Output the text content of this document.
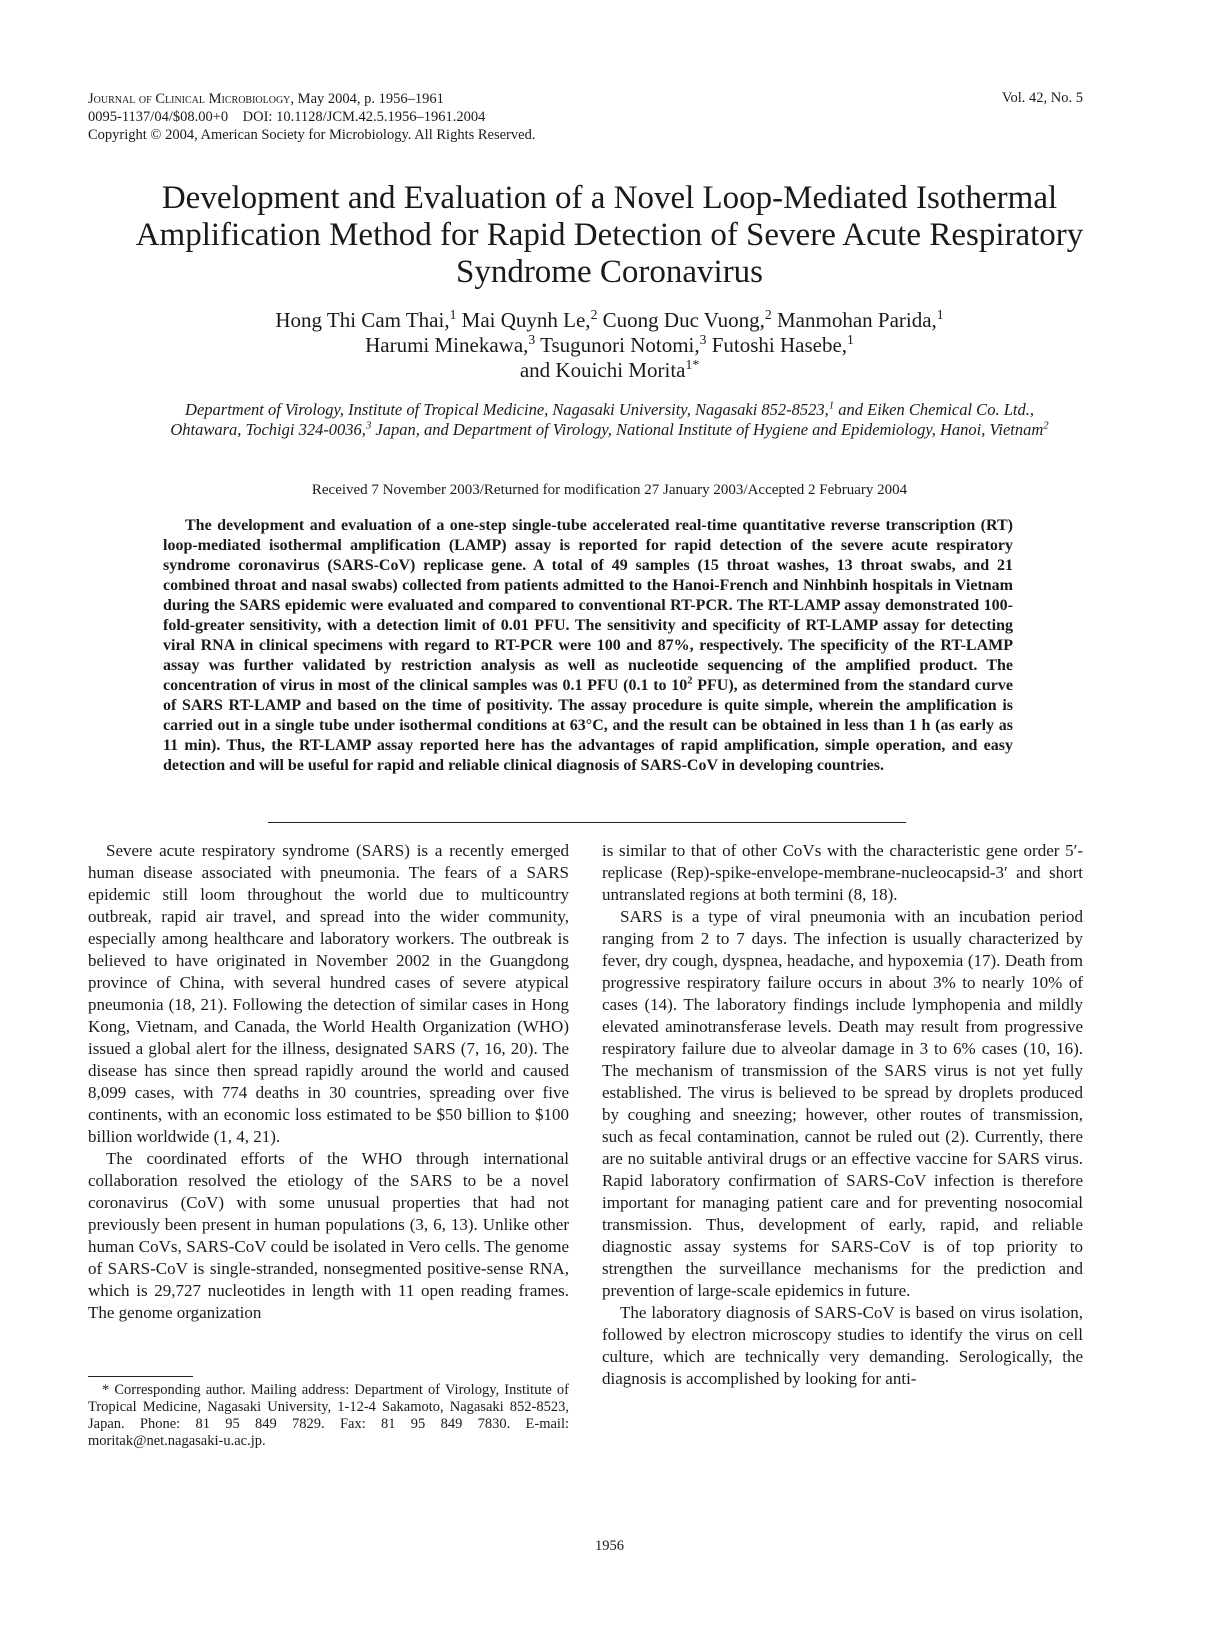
Journal of Clinical Microbiology, May 2004, p. 1956–1961
0095-1137/04/$08.00+0    DOI: 10.1128/JCM.42.5.1956–1961.2004
Copyright © 2004, American Society for Microbiology. All Rights Reserved.
Vol. 42, No. 5
Development and Evaluation of a Novel Loop-Mediated Isothermal Amplification Method for Rapid Detection of Severe Acute Respiratory Syndrome Coronavirus
Hong Thi Cam Thai,$^1$ Mai Quynh Le,$^2$ Cuong Duc Vuong,$^2$ Manmohan Parida,$^1$
Harumi Minekawa,$^3$ Tsugunori Notomi,$^3$ Futoshi Hasebe,$^1$
and Kouichi Morita$^{1*}$
Department of Virology, Institute of Tropical Medicine, Nagasaki University, Nagasaki 852-8523,$^1$ and Eiken Chemical Co. Ltd., Ohtawara, Tochigi 324-0036,$^3$ Japan, and Department of Virology, National Institute of Hygiene and Epidemiology, Hanoi, Vietnam$^2$
Received 7 November 2003/Returned for modification 27 January 2003/Accepted 2 February 2004
The development and evaluation of a one-step single-tube accelerated real-time quantitative reverse transcription (RT) loop-mediated isothermal amplification (LAMP) assay is reported for rapid detection of the severe acute respiratory syndrome coronavirus (SARS-CoV) replicase gene. A total of 49 samples (15 throat washes, 13 throat swabs, and 21 combined throat and nasal swabs) collected from patients admitted to the Hanoi-French and Ninhbinh hospitals in Vietnam during the SARS epidemic were evaluated and compared to conventional RT-PCR. The RT-LAMP assay demonstrated 100-fold-greater sensitivity, with a detection limit of 0.01 PFU. The sensitivity and specificity of RT-LAMP assay for detecting viral RNA in clinical specimens with regard to RT-PCR were 100 and 87%, respectively. The specificity of the RT-LAMP assay was further validated by restriction analysis as well as nucleotide sequencing of the amplified product. The concentration of virus in most of the clinical samples was 0.1 PFU (0.1 to $10^2$ PFU), as determined from the standard curve of SARS RT-LAMP and based on the time of positivity. The assay procedure is quite simple, wherein the amplification is carried out in a single tube under isothermal conditions at 63°C, and the result can be obtained in less than 1 h (as early as 11 min). Thus, the RT-LAMP assay reported here has the advantages of rapid amplification, simple operation, and easy detection and will be useful for rapid and reliable clinical diagnosis of SARS-CoV in developing countries.

Severe acute respiratory syndrome (SARS) is a recently emerged human disease associated with pneumonia. The fears of a SARS epidemic still loom throughout the world due to multicountry outbreak, rapid air travel, and spread into the wider community, especially among healthcare and laboratory workers. The outbreak is believed to have originated in November 2002 in the Guangdong province of China, with several hundred cases of severe atypical pneumonia (18, 21). Following the detection of similar cases in Hong Kong, Vietnam, and Canada, the World Health Organization (WHO) issued a global alert for the illness, designated SARS (7, 16, 20). The disease has since then spread rapidly around the world and caused 8,099 cases, with 774 deaths in 30 countries, spreading over five continents, with an economic loss estimated to be $50 billion to $100 billion worldwide (1, 4, 21).

The coordinated efforts of the WHO through international collaboration resolved the etiology of the SARS to be a novel coronavirus (CoV) with some unusual properties that had not previously been present in human populations (3, 6, 13). Unlike other human CoVs, SARS-CoV could be isolated in Vero cells. The genome of SARS-CoV is single-stranded, nonsegmented positive-sense RNA, which is 29,727 nucleotides in length with 11 open reading frames. The genome organization

is similar to that of other CoVs with the characteristic gene order 5′-replicase (Rep)-spike-envelope-membrane-nucleocapsid-3′ and short untranslated regions at both termini (8, 18).

SARS is a type of viral pneumonia with an incubation period ranging from 2 to 7 days. The infection is usually characterized by fever, dry cough, dyspnea, headache, and hypoxemia (17). Death from progressive respiratory failure occurs in about 3% to nearly 10% of cases (14). The laboratory findings include lymphopenia and mildly elevated aminotransferase levels. Death may result from progressive respiratory failure due to alveolar damage in 3 to 6% cases (10, 16). The mechanism of transmission of the SARS virus is not yet fully established. The virus is believed to be spread by droplets produced by coughing and sneezing; however, other routes of transmission, such as fecal contamination, cannot be ruled out (2). Currently, there are no suitable antiviral drugs or an effective vaccine for SARS virus. Rapid laboratory confirmation of SARS-CoV infection is therefore important for managing patient care and for preventing nosocomial transmission. Thus, development of early, rapid, and reliable diagnostic assay systems for SARS-CoV is of top priority to strengthen the surveillance mechanisms for the prediction and prevention of large-scale epidemics in future.

The laboratory diagnosis of SARS-CoV is based on virus isolation, followed by electron microscopy studies to identify the virus on cell culture, which are technically very demanding. Serologically, the diagnosis is accomplished by looking for anti-

* Corresponding author. Mailing address: Department of Virology, Institute of Tropical Medicine, Nagasaki University, 1-12-4 Sakamoto, Nagasaki 852-8523, Japan. Phone: 81 95 849 7829. Fax: 81 95 849 7830. E-mail: moritak@net.nagasaki-u.ac.jp.
1956
